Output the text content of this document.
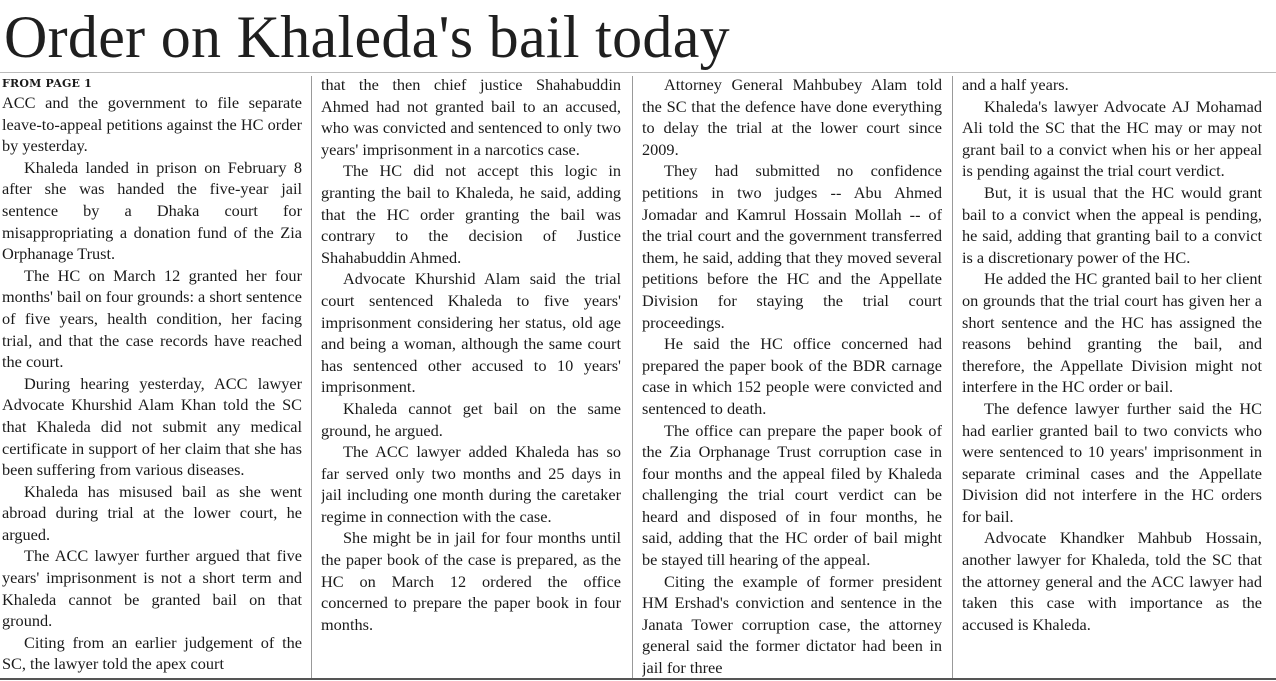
Order on Khaleda's bail today
FROM PAGE 1

ACC and the government to file separate leave-to-appeal petitions against the HC order by yesterday.

Khaleda landed in prison on February 8 after she was handed the five-year jail sentence by a Dhaka court for misappropriating a donation fund of the Zia Orphanage Trust.

The HC on March 12 granted her four months' bail on four grounds: a short sentence of five years, health condition, her facing trial, and that the case records have reached the court.

During hearing yesterday, ACC lawyer Advocate Khurshid Alam Khan told the SC that Khaleda did not submit any medical certificate in support of her claim that she has been suffering from various diseases.

Khaleda has misused bail as she went abroad during trial at the lower court, he argued.

The ACC lawyer further argued that five years' imprisonment is not a short term and Khaleda cannot be granted bail on that ground.

Citing from an earlier judgement of the SC, the lawyer told the apex court

that the then chief justice Shahabuddin Ahmed had not granted bail to an accused, who was convicted and sentenced to only two years' imprisonment in a narcotics case.

The HC did not accept this logic in granting the bail to Khaleda, he said, adding that the HC order granting the bail was contrary to the decision of Justice Shahabuddin Ahmed.

Advocate Khurshid Alam said the trial court sentenced Khaleda to five years' imprisonment considering her status, old age and being a woman, although the same court has sentenced other accused to 10 years' imprisonment.

Khaleda cannot get bail on the same ground, he argued.

The ACC lawyer added Khaleda has so far served only two months and 25 days in jail including one month during the caretaker regime in connection with the case.

She might be in jail for four months until the paper book of the case is prepared, as the HC on March 12 ordered the office concerned to prepare the paper book in four months.

Attorney General Mahbubey Alam told the SC that the defence have done everything to delay the trial at the lower court since 2009.

They had submitted no confidence petitions in two judges -- Abu Ahmed Jomadar and Kamrul Hossain Mollah -- of the trial court and the government transferred them, he said, adding that they moved several petitions before the HC and the Appellate Division for staying the trial court proceedings.

He said the HC office concerned had prepared the paper book of the BDR carnage case in which 152 people were convicted and sentenced to death.

The office can prepare the paper book of the Zia Orphanage Trust corruption case in four months and the appeal filed by Khaleda challenging the trial court verdict can be heard and disposed of in four months, he said, adding that the HC order of bail might be stayed till hearing of the appeal.

Citing the example of former president HM Ershad's conviction and sentence in the Janata Tower corruption case, the attorney general said the former dictator had been in jail for three

and a half years.

Khaleda's lawyer Advocate AJ Mohamad Ali told the SC that the HC may or may not grant bail to a convict when his or her appeal is pending against the trial court verdict.

But, it is usual that the HC would grant bail to a convict when the appeal is pending, he said, adding that granting bail to a convict is a discretionary power of the HC.

He added the HC granted bail to her client on grounds that the trial court has given her a short sentence and the HC has assigned the reasons behind granting the bail, and therefore, the Appellate Division might not interfere in the HC order or bail.

The defence lawyer further said the HC had earlier granted bail to two convicts who were sentenced to 10 years' imprisonment in separate criminal cases and the Appellate Division did not interfere in the HC orders for bail.

Advocate Khandker Mahbub Hossain, another lawyer for Khaleda, told the SC that the attorney general and the ACC lawyer had taken this case with importance as the accused is Khaleda.
